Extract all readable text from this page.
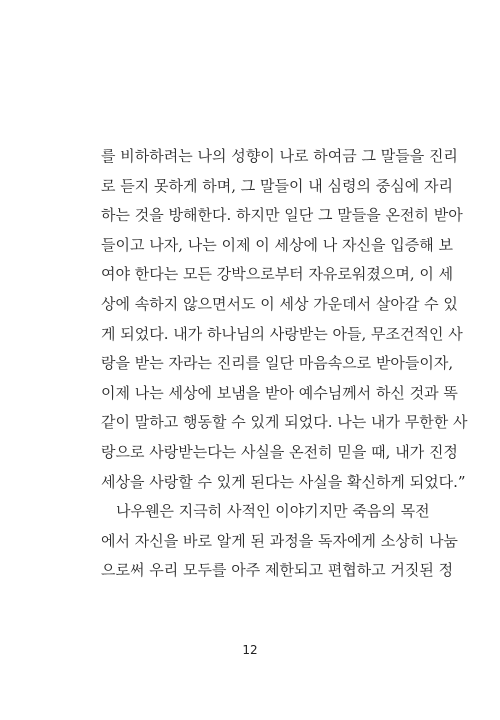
를 비하하려는 나의 성향이 나로 하여금 그 말들을 진리
로 듣지 못하게 하며, 그 말들이 내 심령의 중심에 자리
하는 것을 방해한다. 하지만 일단 그 말들을 온전히 받아
들이고 나자, 나는 이제 이 세상에 나 자신을 입증해 보
여야 한다는 모든 강박으로부터 자유로워졌으며, 이 세
상에 속하지 않으면서도 이 세상 가운데서 살아갈 수 있
게 되었다. 내가 하나님의 사랑받는 아들, 무조건적인 사
랑을 받는 자라는 진리를 일단 마음속으로 받아들이자,
이제 나는 세상에 보냄을 받아 예수님께서 하신 것과 똑
같이 말하고 행동할 수 있게 되었다. 나는 내가 무한한 사
랑으로 사랑받는다는 사실을 온전히 믿을 때, 내가 진정
세상을 사랑할 수 있게 된다는 사실을 확신하게 되었다.”
나우웬은 지극히 사적인 이야기지만 죽음의 목전
에서 자신을 바로 알게 된 과정을 독자에게 소상히 나눔
으로써 우리 모두를 아주 제한되고 편협하고 거짓된 정
12
